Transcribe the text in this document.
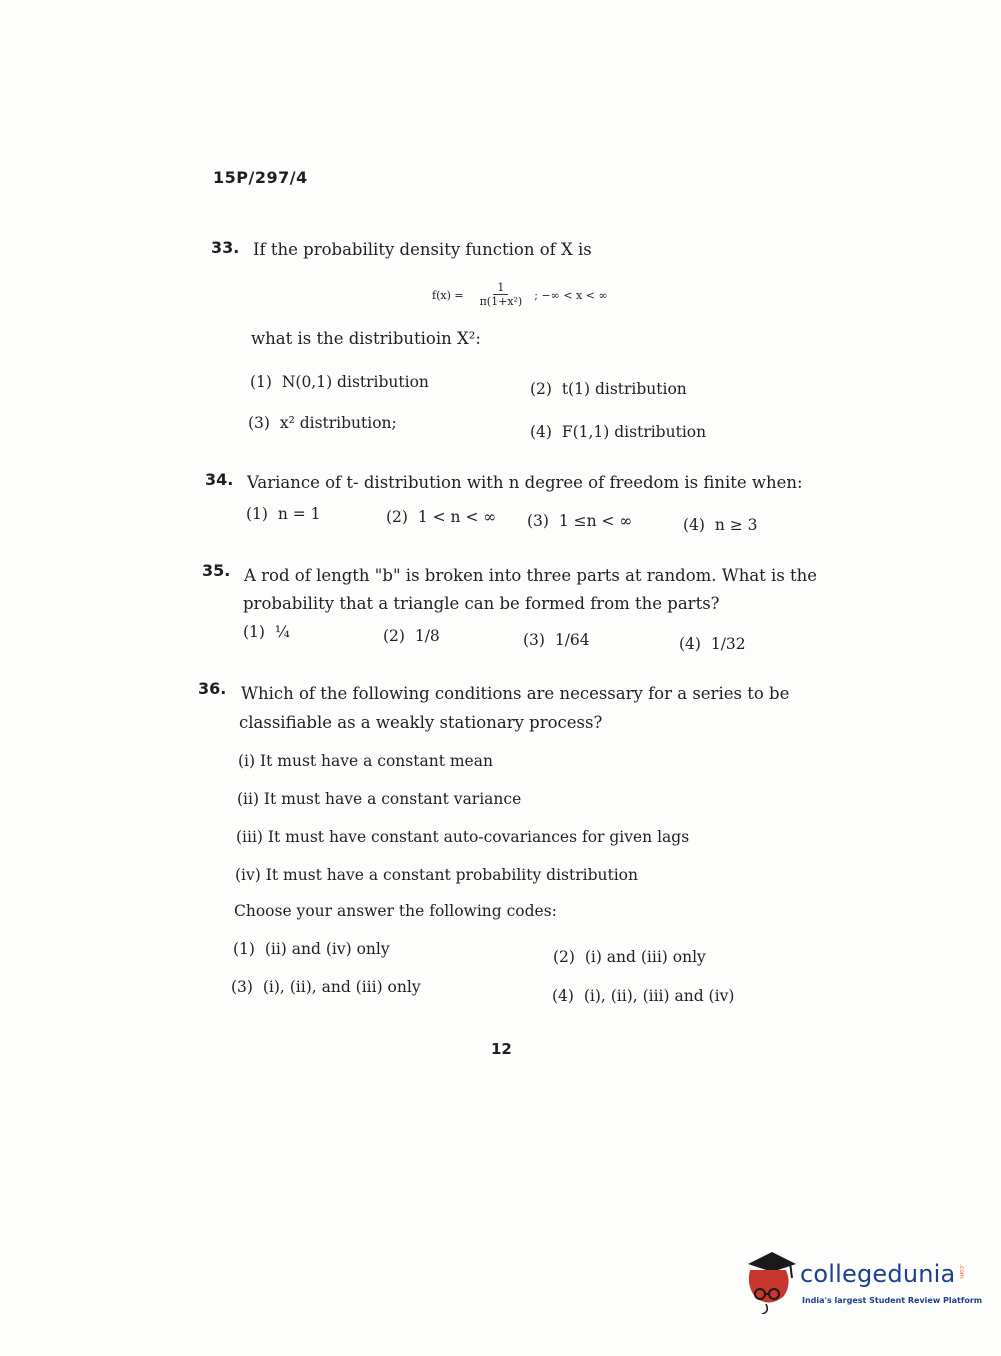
15P/297/4
33. If the probability density function of X is
$f(x) = \frac{1}{\text{π(1+x²)}}$ ; −∞ < x < ∞
what is the distributioin X²:
(1) N(0,1) distribution	(2) t(1) distribution
(3) x² distribution;	(4) F(1,1) distribution
34. Variance of t- distribution with n degree of freedom is finite when:
(1) n = 1	(2) 1 < n < ∞ (3) 1 ≤n < ∞	(4) n ≥ 3
35. A rod of length "b" is broken into three parts at random. What is the
probability that a triangle can be formed from the parts?
(1) ¼	(2) 1/8	(3) 1/64	(4) 1/32
36. Which of the following conditions are necessary for a series to be
classifiable as a weakly stationary process?
(i) It must have a constant mean
(ii) It must have a constant variance
(iii) It must have constant auto-covariances for given lags
(iv) It must have a constant probability distribution
Choose your answer the following codes:
(1) (ii) and (iv) only	(2) (i) and (iii) only
(3) (i), (ii), and (iii) only	(4) (i), (ii), (iii) and (iv)
12
collegedunia .com
India's largest Student Review Platform
